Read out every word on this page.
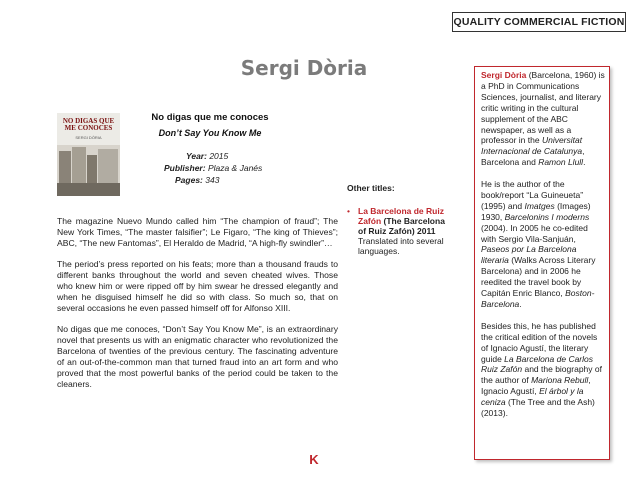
QUALITY COMMERCIAL FICTION
Sergi Dòria
NO DIGAS QUE ME CONOCES
SERGI DÒRIA
No digas que me conoces
Don’t Say You Know Me
Year: 2015
Publisher: Plaza & Janés
Pages: 343

The magazine Nuevo Mundo called him “The champion of fraud”; The New York Times, “The master falsifier”; Le Figaro, “The king of Thieves”; ABC, “The new Fantomas”, El Heraldo de Madrid, “A high-fly swindler”…

The period’s press reported on his feats; more than a thousand frauds to different banks throughout the world and seven cheated wives. Those who knew him or were ripped off by him swear he dressed elegantly and when he disguised himself he did so with class. So much so, that on several occasions he even passed himself off for Alfonso XIII.

No digas que me conoces, “Don’t Say You Know Me”, is an extraordinary novel that presents us with an enigmatic character who revolutionized the Barcelona of twenties of the previous century. The fascinating adventure of an out-of-the-common man that turned fraud into an art form and who proved that the most powerful banks of the period could be taken to the cleaners.

Other titles:
• La Barcelona de Ruiz Zafón (The Barcelona of Ruiz Zafón) 2011 Translated into several languages.

Sergi Dòria (Barcelona, 1960) is a PhD in Communications Sciences, journalist, and literary critic writing in the cultural supplement of the ABC newspaper, as well as a professor in the Universitat Internacional de Catalunya, Barcelona and Ramon Llull.

He is the author of the book/report “La Guineueta” (1995) and Imatges (Images) 1930, Barcelonins I moderns (2004). In 2005 he co-edited with Sergio Vila-Sanjuán, Paseos por La Barcelona literaria (Walks Across Literary Barcelona) and in 2006 he reedited the travel book by Capitán Enric Blanco, Boston-Barcelona.

Besides this, he has published the critical edition of the novels of Ignacio Agustí, the literary guide La Barcelona de Carlos Ruiz Zafón and the biography of the author of Mariona Rebull, Ignacio Agustí, El árbol y la ceniza (The Tree and the Ash) (2013).

K
